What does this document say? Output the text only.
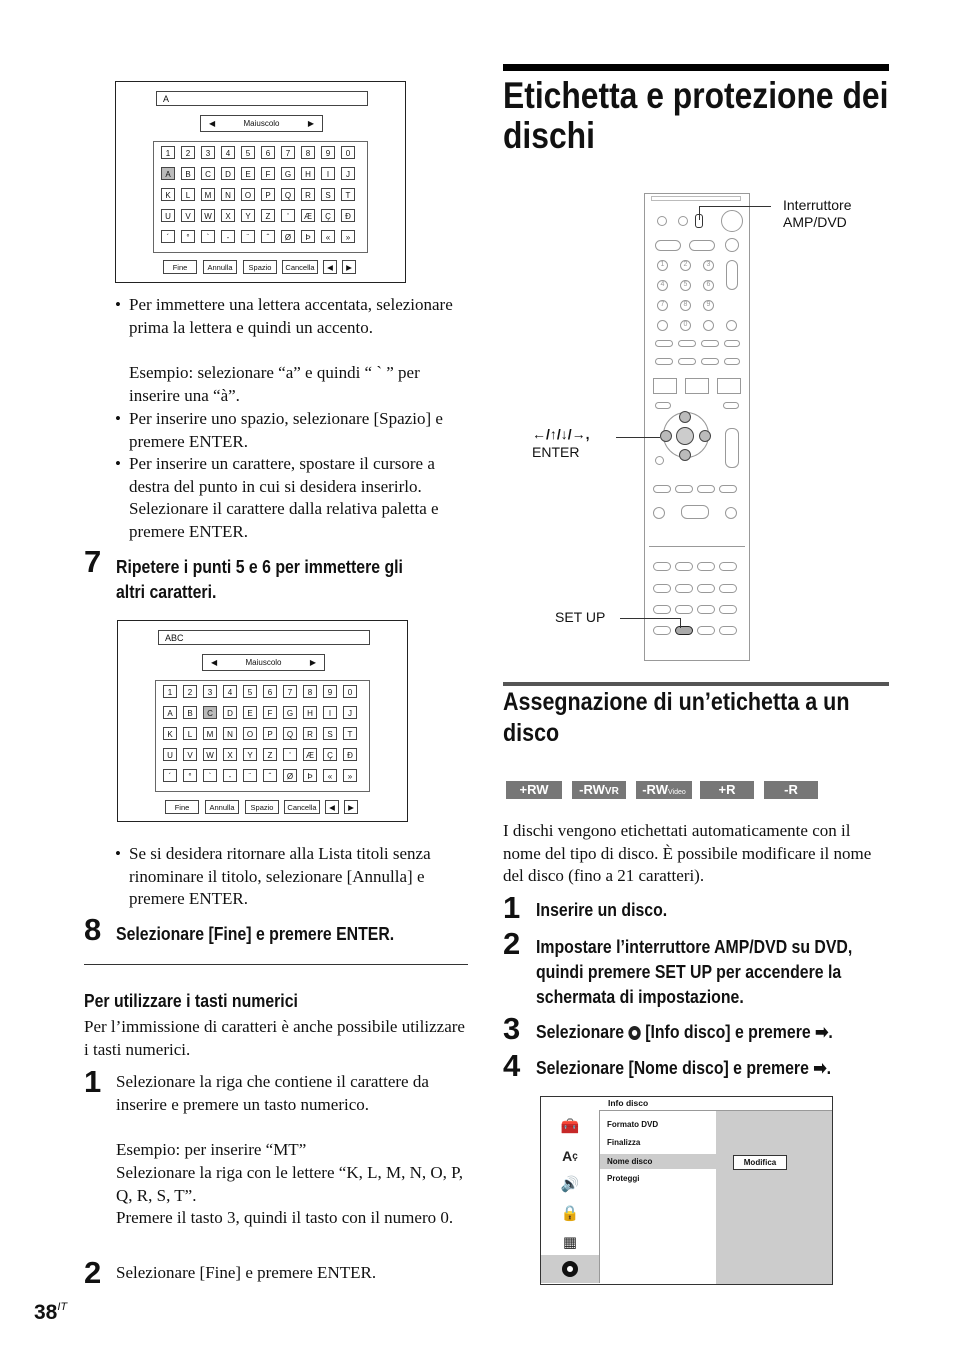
A
◀	Maiuscolo	▶
Fine	Annulla	Spazio	Cancella	◀	▶
1	2	3	4	5	6	7	8	9	0
A	B	C	D	E	F	G	H	I	J
K	L	M	N	O	P	Q	R	S	T
U	V	W	X	Y	Z	'	Æ	Ç	Đ
´	°	`	-	¨	ˆ	Ø	Þ	«	»
• Per immettere una lettera accentata, selezionare prima la lettera e quindi un accento.
Esempio: selezionare “a” e quindi “ ` ” per inserire una “à”.
• Per inserire uno spazio, selezionare [Spazio] e premere ENTER.
• Per inserire un carattere, spostare il cursore a destra del punto in cui si desidera inserirlo. Selezionare il carattere dalla relativa paletta e premere ENTER.
7 Ripetere i punti 5 e 6 per immettere gli altri caratteri.
ABC
◀	Maiuscolo	▶
Fine	Annulla	Spazio	Cancella	◀	▶
1	2	3	4	5	6	7	8	9	0
A	B	C	D	E	F	G	H	I	J
K	L	M	N	O	P	Q	R	S	T
U	V	W	X	Y	Z	'	Æ	Ç	Đ
´	°	`	-	¨	ˆ	Ø	Þ	«	»
• Se si desidera ritornare alla Lista titoli senza rinominare il titolo, selezionare [Annulla] e premere ENTER.
8 Selezionare [Fine] e premere ENTER.
Per utilizzare i tasti numerici
Per l’immissione di caratteri è anche possibile utilizzare i tasti numerici.
1 Selezionare la riga che contiene il carattere da inserire e premere un tasto numerico.
Esempio: per inserire “MT”
Selezionare la riga con le lettere “K, L, M, N, O, P, Q, R, S, T”.
Premere il tasto 3, quindi il tasto con il numero 0.
2 Selezionare [Fine] e premere ENTER.
$38^{IT}$
Etichetta e protezione dei
dischi
1	2	3
4	5	6
7	8	9
0
Interruttore
AMP/DVD
←/↑/↓/→,
ENTER
SET UP
Assegnazione di un’etichetta a un
disco
+RW	-RWVR	-RWVideo	+R	-R
I dischi vengono etichettati automaticamente con il nome del tipo di disco. È possibile modificare il nome del disco (fino a 21 caratteri).
1 Inserire un disco.
2 Impostare l’interruttore AMP/DVD su DVD, quindi premere SET UP per accendere la schermata di impostazione.
3 Selezionare [Info disco] e premere ➡.
4 Selezionare [Nome disco] e premere ➡.
Info disco
🧰
A ç
🔊
🔒
▦
Formato DVD
Finalizza
Nome disco
Proteggi
Modifica
